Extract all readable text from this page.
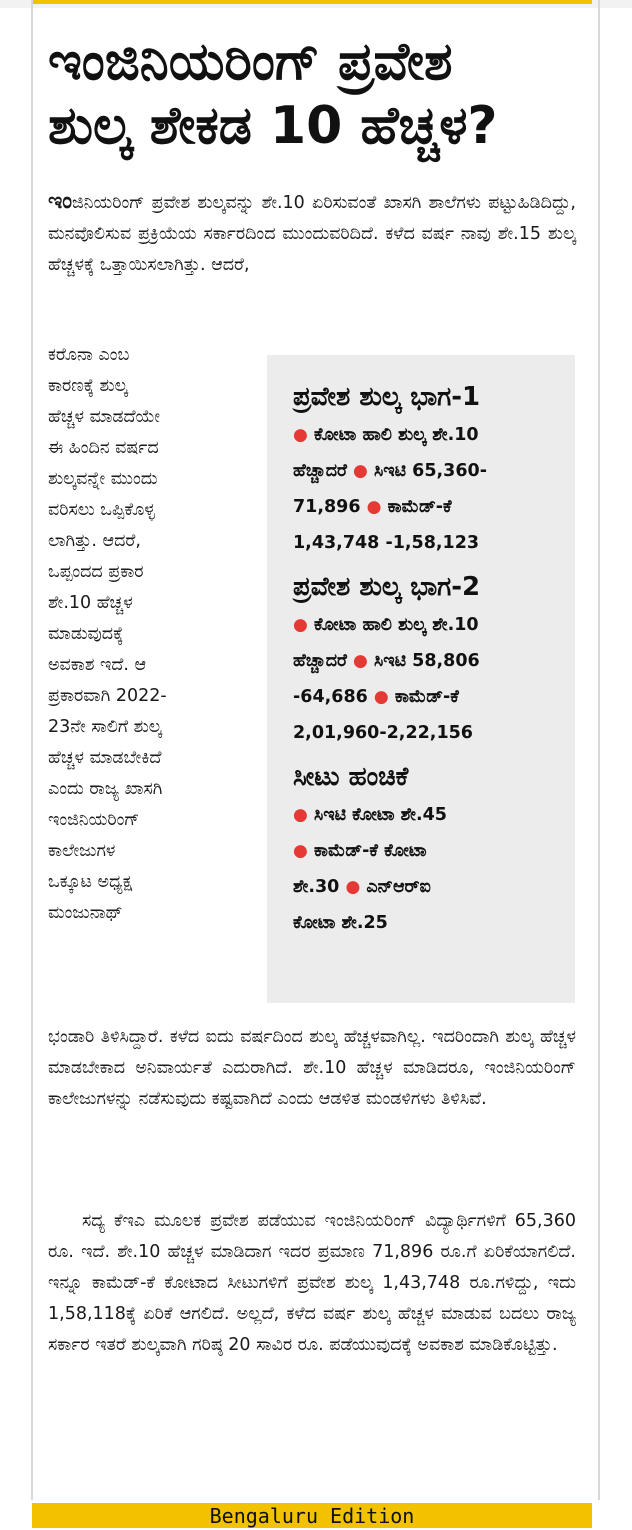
ಇಂಜಿನಿಯರಿಂಗ್ ಪ್ರವೇಶ
ಶುಲ್ಕ ಶೇಕಡ 10 ಹೆಚ್ಚಳ?

ಇಂಜಿನಿಯರಿಂಗ್ ಪ್ರವೇಶ ಶುಲ್ಕವನ್ನು ಶೇ.10 ಏರಿಸುವಂತೆ ಖಾಸಗಿ ಶಾಲೆಗಳು ಪಟ್ಟುಹಿಡಿದಿದ್ದು, ಮನವೊಲಿಸುವ ಪ್ರಕ್ರಿಯೆಯ ಸರ್ಕಾರದಿಂದ ಮುಂದುವರಿದಿದೆ. ಕಳೆದ ವರ್ಷ ನಾವು ಶೇ.15 ಶುಲ್ಕ ಹೆಚ್ಚಳಕ್ಕೆ ಒತ್ತಾಯಿಸಲಾಗಿತ್ತು. ಆದರೆ,

ಕರೊನಾ ಎಂಬ
ಕಾರಣಕ್ಕೆ ಶುಲ್ಕ
ಹೆಚ್ಚಳ ಮಾಡದೆಯೇ
ಈ ಹಿಂದಿನ ವರ್ಷದ
ಶುಲ್ಕವನ್ನೇ ಮುಂದು
ವರಿಸಲು ಒಪ್ಪಿಕೊಳ್ಳ
ಲಾಗಿತ್ತು. ಆದರೆ,
ಒಪ್ಪಂದದ ಪ್ರಕಾರ
ಶೇ.10 ಹೆಚ್ಚಳ
ಮಾಡುವುದಕ್ಕೆ
ಅವಕಾಶ ಇದೆ. ಆ
ಪ್ರಕಾರವಾಗಿ 2022-
23ನೇ ಸಾಲಿಗೆ ಶುಲ್ಕ
ಹೆಚ್ಚಳ ಮಾಡಬೇಕಿದೆ
ಎಂದು ರಾಜ್ಯ ಖಾಸಗಿ
ಇಂಜಿನಿಯರಿಂಗ್
ಕಾಲೇಜುಗಳ
ಒಕ್ಕೂಟ ಅಧ್ಯಕ್ಷ
ಮಂಜುನಾಥ್

ಪ್ರವೇಶ ಶುಲ್ಕ ಭಾಗ-1

● ಕೋಟಾ ಹಾಲಿ ಶುಲ್ಕ ಶೇ.10

ಹೆಚ್ಚಾದರೆ ● ಸಿಇಟಿ 65,360-

71,896 ● ಕಾಮೆಡ್-ಕೆ

1,43,748 -1,58,123

ಪ್ರವೇಶ ಶುಲ್ಕ ಭಾಗ-2

● ಕೋಟಾ ಹಾಲಿ ಶುಲ್ಕ ಶೇ.10

ಹೆಚ್ಚಾದರೆ ● ಸಿಇಟಿ 58,806

-64,686 ● ಕಾಮೆಡ್-ಕೆ

2,01,960-2,22,156

ಸೀಟು ಹಂಚಿಕೆ

● ಸಿಇಟಿ ಕೋಟಾ ಶೇ.45

● ಕಾಮೆಡ್-ಕೆ ಕೋಟಾ

ಶೇ.30 ● ಎನ್‌ಆರ್‌ಐ

ಕೋಟಾ ಶೇ.25

ಭಂಡಾರಿ ತಿಳಿಸಿದ್ದಾರೆ. ಕಳೆದ ಐದು ವರ್ಷದಿಂದ ಶುಲ್ಕ ಹೆಚ್ಚಳವಾಗಿಲ್ಲ. ಇದರಿಂದಾಗಿ ಶುಲ್ಕ ಹೆಚ್ಚಳ ಮಾಡಬೇಕಾದ ಅನಿವಾರ್ಯತೆ ಎದುರಾಗಿದೆ. ಶೇ.10 ಹೆಚ್ಚಳ ಮಾಡಿದರೂ, ಇಂಜಿನಿಯರಿಂಗ್ ಕಾಲೇಜುಗಳನ್ನು ನಡೆಸುವುದು ಕಷ್ಟವಾಗಿದೆ ಎಂದು ಆಡಳಿತ ಮಂಡಳಿಗಳು ತಿಳಿಸಿವೆ.

ಸದ್ಯ ಕೆಇಎ ಮೂಲಕ ಪ್ರವೇಶ ಪಡೆಯುವ ಇಂಜಿನಿಯರಿಂಗ್ ವಿದ್ಯಾರ್ಥಿಗಳಿಗೆ 65,360 ರೂ. ಇದೆ. ಶೇ.10 ಹೆಚ್ಚಳ ಮಾಡಿದಾಗ ಇದರ ಪ್ರಮಾಣ 71,896 ರೂ.ಗೆ ಏರಿಕೆಯಾಗಲಿದೆ. ಇನ್ನೂ ಕಾಮೆಡ್-ಕೆ ಕೋಟಾದ ಸೀಟುಗಳಿಗೆ ಪ್ರವೇಶ ಶುಲ್ಕ 1,43,748 ರೂ.ಗಳಿದ್ದು, ಇದು 1,58,118ಕ್ಕೆ ಏರಿಕೆ ಆಗಲಿದೆ. ಅಲ್ಲದೆ, ಕಳೆದ ವರ್ಷ ಶುಲ್ಕ ಹೆಚ್ಚಳ ಮಾಡುವ ಬದಲು ರಾಜ್ಯ ಸರ್ಕಾರ ಇತರೆ ಶುಲ್ಕವಾಗಿ ಗರಿಷ್ಠ 20 ಸಾವಿರ ರೂ. ಪಡೆಯುವುದಕ್ಕೆ ಅವಕಾಶ ಮಾಡಿಕೊಟ್ಟಿತ್ತು.

Bengaluru Edition
